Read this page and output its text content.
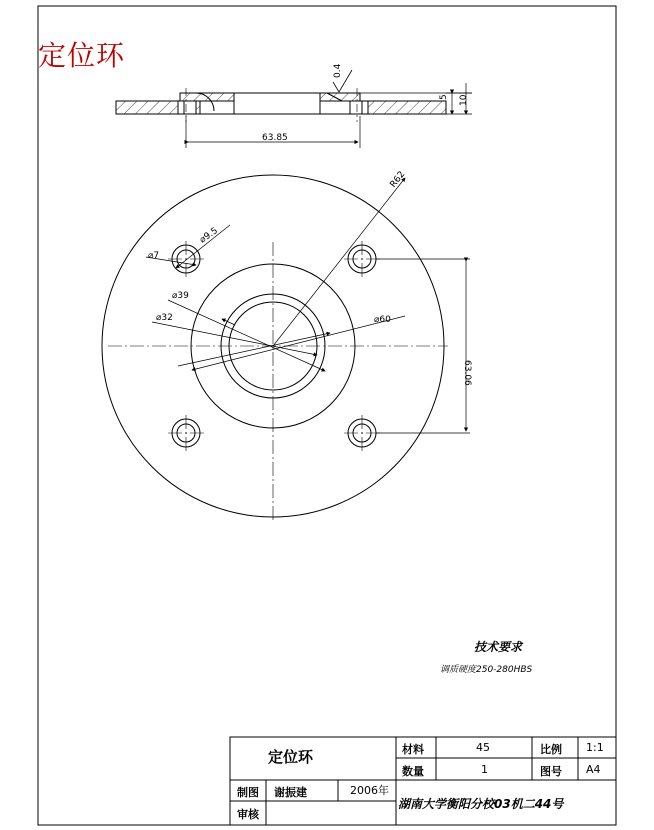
0.4
5 10
63.85
R62
⌀9.5
⌀7
⌀39
⌀32	⌀60
63.06
定位环
技术要求
调质硬度250-280HBS
定位环	材料	45	比例 1:1
数量	1	图号 A4
制图 谢振建	2006年
审核
湖南大学衡阳分校03机二44号
